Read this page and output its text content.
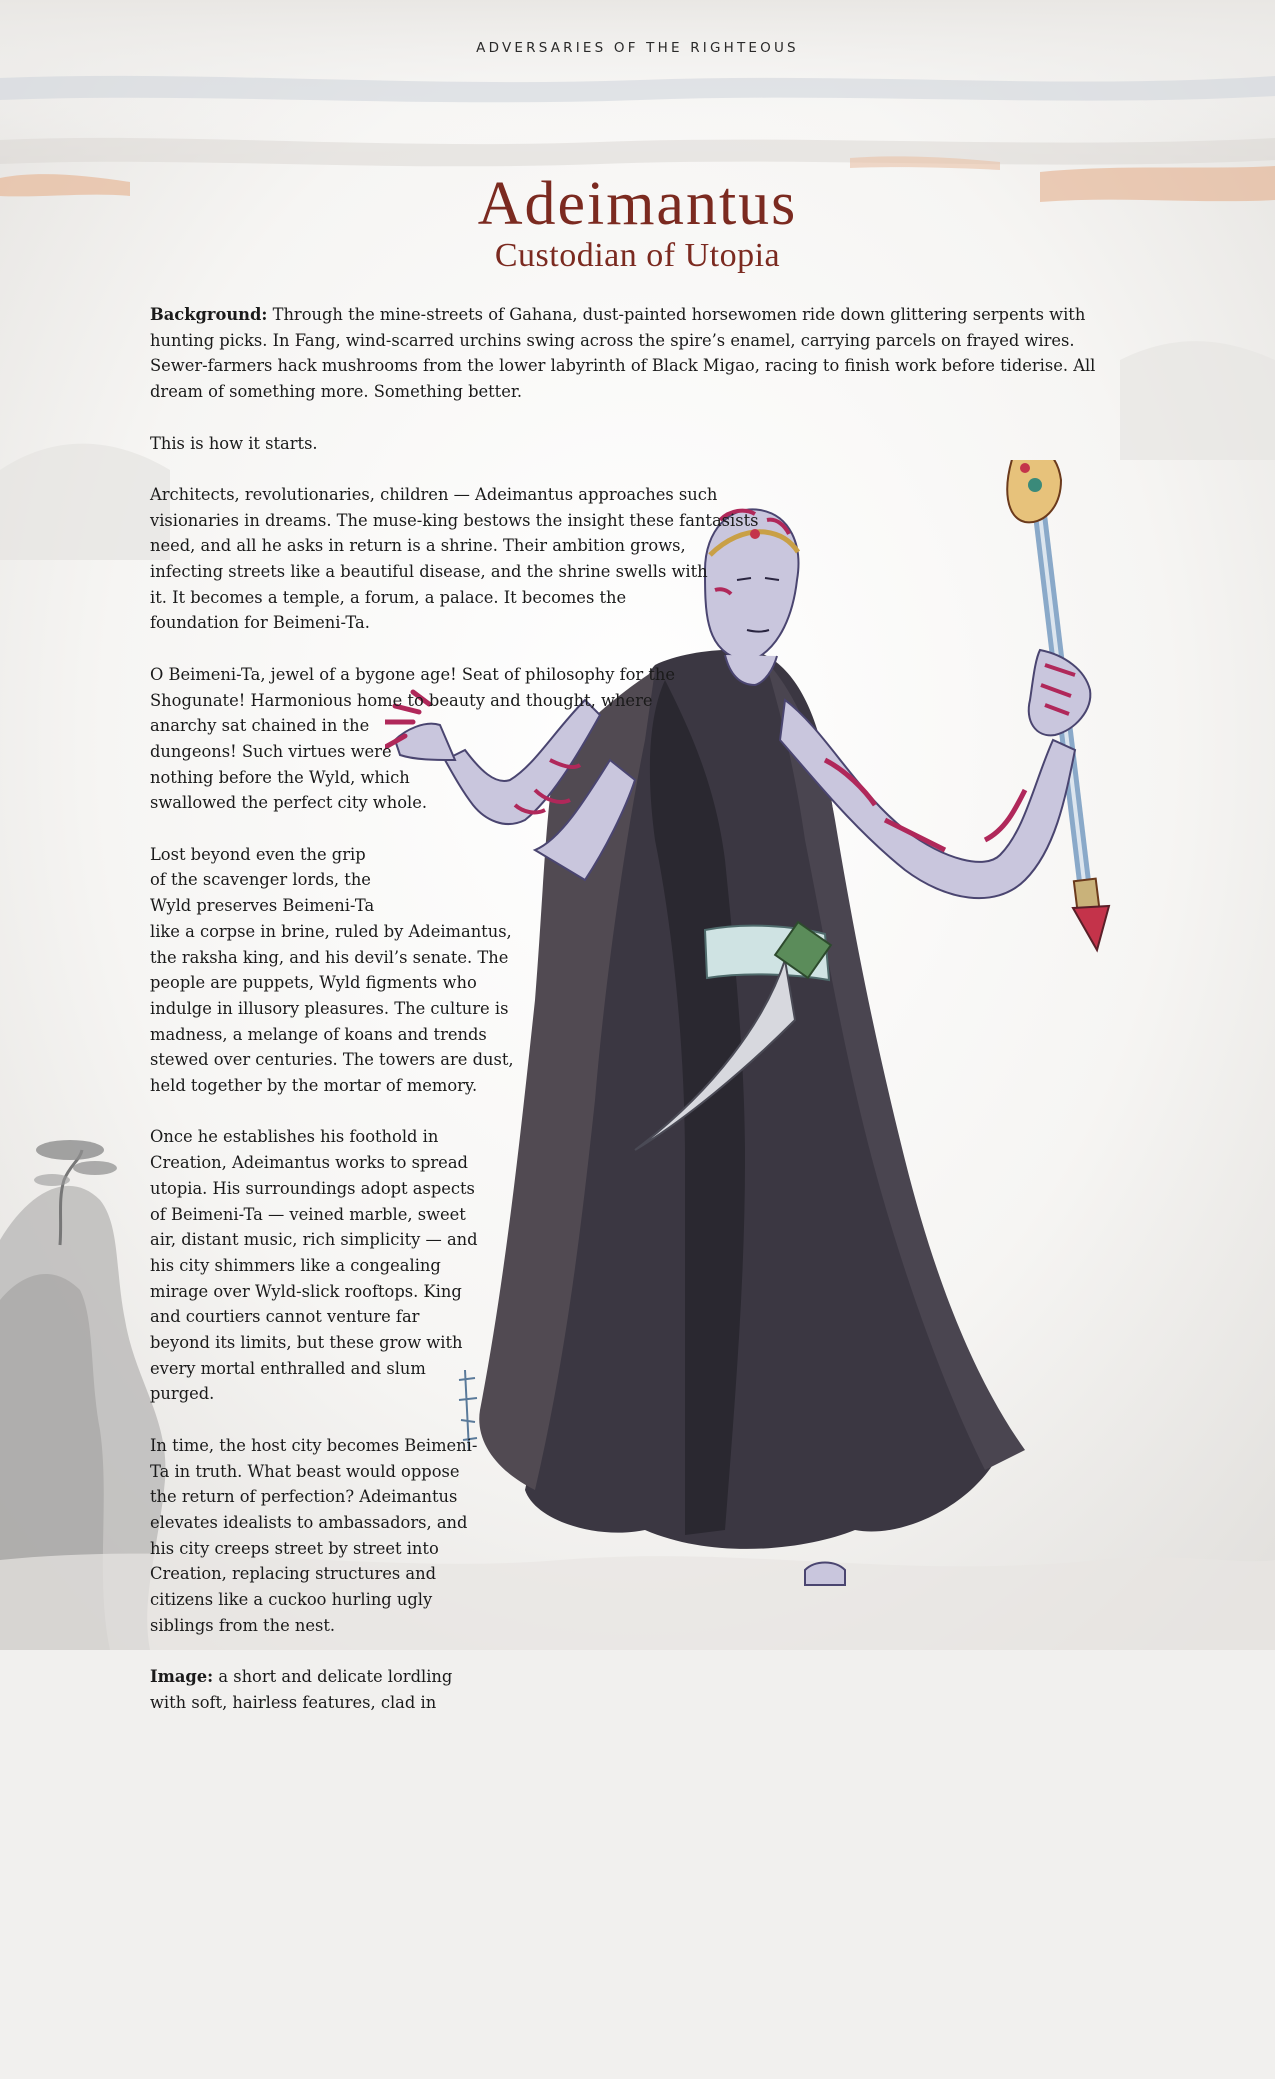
ADVERSARIES OF THE RIGHTEOUS
Adeimantus
Custodian of Utopia

Background: Through the mine-streets of Gahana, dust-painted horsewomen ride down glittering serpents with hunting picks. In Fang, wind-scarred urchins swing across the spire’s enamel, carrying parcels on frayed wires. Sewer-farmers hack mushrooms from the lower labyrinth of Black Migao, racing to finish work before tiderise. All dream of something more. Something better.

This is how it starts.

Architects, revolutionaries, children — Adeimantus approaches such visionaries in dreams. The muse-king bestows the insight these fantasists need, and all he asks in return is a shrine. Their ambition grows, infecting streets like a beautiful disease, and the shrine swells with it. It becomes a temple, a forum, a palace. It becomes the foundation for Beimeni-Ta.

O Beimeni-Ta, jewel of a bygone age! Seat of philosophy for the Shogunate! Harmonious home to beauty and thought, where anarchy sat chained in the dungeons! Such virtues were nothing before the Wyld, which swallowed the perfect city whole.

Lost beyond even the grip of the scavenger lords, the Wyld preserves Beimeni-Ta like a corpse in brine, ruled by Adeimantus, the raksha king, and his devil’s senate. The people are puppets, Wyld figments who indulge in illusory pleasures. The culture is madness, a melange of koans and trends stewed over centuries. The towers are dust, held together by the mortar of memory.

Once he establishes his foothold in Creation, Adeimantus works to spread utopia. His surroundings adopt aspects of Beimeni-Ta — veined marble, sweet air, distant music, rich simplicity — and his city shimmers like a congealing mirage over Wyld-slick rooftops. King and courtiers cannot venture far beyond its limits, but these grow with every mortal enthralled and slum purged.

In time, the host city becomes Beimeni-Ta in truth. What beast would oppose the return of perfection? Adeimantus elevates idealists to ambassadors, and his city creeps street by street into Creation, replacing structures and citizens like a cuckoo hurling ugly siblings from the nest.

Image: a short and delicate lordling with soft, hairless features, clad in
